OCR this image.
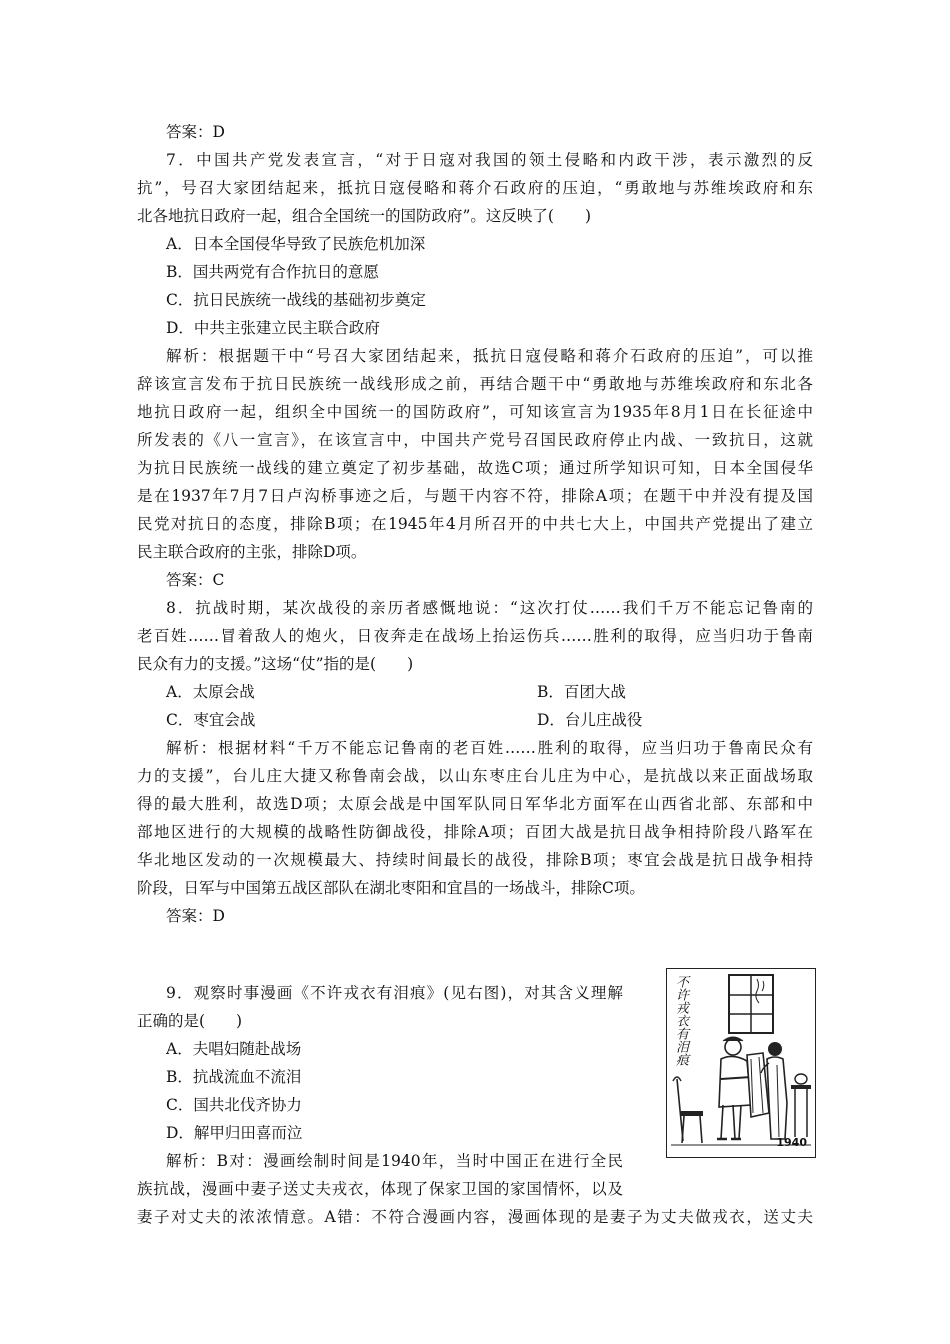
答案：D
7．中国共产党发表宣言，“对于日寇对我国的领土侵略和内政干涉，表示激烈的反
抗”，号召大家团结起来，抵抗日寇侵略和蒋介石政府的压迫，“勇敢地与苏维埃政府和东
北各地抗日政府一起，组合全国统一的国防政府”。这反映了(　　)
A．日本全国侵华导致了民族危机加深
B．国共两党有合作抗日的意愿
C．抗日民族统一战线的基础初步奠定
D．中共主张建立民主联合政府
解析：根据题干中“号召大家团结起来，抵抗日寇侵略和蒋介石政府的压迫”，可以推
辞该宣言发布于抗日民族统一战线形成之前，再结合题干中“勇敢地与苏维埃政府和东北各
地抗日政府一起，组织全中国统一的国防政府”，可知该宣言为1935年8月1日在长征途中
所发表的《八一宣言》，在该宣言中，中国共产党号召国民政府停止内战、一致抗日，这就
为抗日民族统一战线的建立奠定了初步基础，故选C项；通过所学知识可知，日本全国侵华
是在1937年7月7日卢沟桥事迹之后，与题干内容不符，排除A项；在题干中并没有提及国
民党对抗日的态度，排除B项；在1945年4月所召开的中共七大上，中国共产党提出了建立
民主联合政府的主张，排除D项。
答案：C
8．抗战时期，某次战役的亲历者感慨地说：“这次打仗……我们千万不能忘记鲁南的
老百姓……冒着敌人的炮火，日夜奔走在战场上抬运伤兵……胜利的取得，应当归功于鲁南
民众有力的支援。”这场“仗”指的是(　　)
A．太原会战	B．百团大战
C．枣宜会战	D．台儿庄战役
解析：根据材料“千万不能忘记鲁南的老百姓……胜利的取得，应当归功于鲁南民众有
力的支援”，台儿庄大捷又称鲁南会战，以山东枣庄台儿庄为中心，是抗战以来正面战场取
得的最大胜利，故选D项；太原会战是中国军队同日军华北方面军在山西省北部、东部和中
部地区进行的大规模的战略性防御战役，排除A项；百团大战是抗日战争相持阶段八路军在
华北地区发动的一次规模最大、持续时间最长的战役，排除B项；枣宜会战是抗日战争相持
阶段，日军与中国第五战区部队在湖北枣阳和宜昌的一场战斗，排除C项。
答案：D
9．观察时事漫画《不许戎衣有泪痕》(见右图)，对其含义理解
正确的是(　　)
A．夫唱妇随赴战场
B．抗战流血不流泪
C．国共北伐齐协力
D．解甲归田喜而泣
解析：B对：漫画绘制时间是1940年，当时中国正在进行全民
族抗战，漫画中妻子送丈夫戎衣，体现了保家卫国的家国情怀，以及
妻子对丈夫的浓浓情意。A错：不符合漫画内容，漫画体现的是妻子为丈夫做戎衣，送丈夫
不许戎衣有泪痕
1940
